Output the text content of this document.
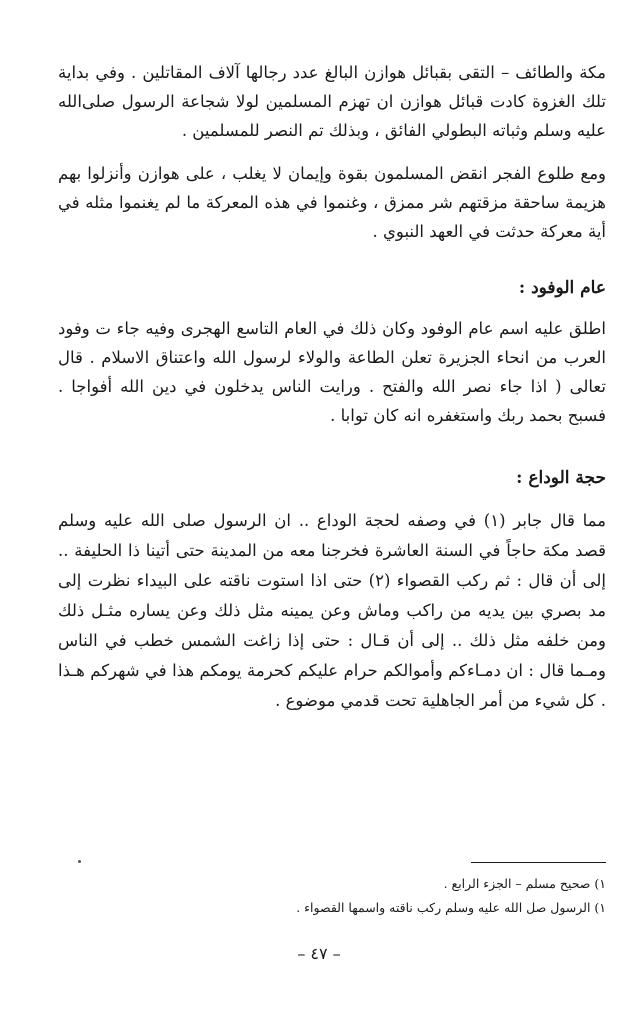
مكة والطائف – التقى بقبائل هوازن البالغ عدد رجالها آلاف المقاتلين . وفي بداية تلك الغزوة كادت قبائل هوازن ان تهزم المسلمين لولا شجاعة الرسول صلى‌الله عليه وسلم وثباته البطولي الفائق ، وبذلك تم النصر للمسلمين .

ومع طلوع الفجر انقض المسلمون بقوة وإيمان لا يغلب ، على هوازن وأنزلوا بهم هزيمة ساحقة مزقتهم شر ممزق ، وغنموا في هذه المعركة ما لم يغنموا مثله في أية معركة حدثت في العهد النبوي .

عام الوفود :

اطلق عليه اسم عام الوفود وكان ذلك في العام التاسع الهجرى وفيه جاء ت وفود العرب من انحاء الجزيرة تعلن الطاعة والولاء لرسول الله واعتناق الاسلام . قال تعالى ( اذا جاء نصر الله والفتح . ورايت الناس يدخلون في دين الله أفواجا . فسبح بحمد ربك واستغفره انه كان توابا .

حجة الوداع :

مما قال جابر (١) في وصفه لحجة الوداع .. ان الرسول صلى الله عليه وسلم قصد مكة حاجاً في السنة العاشرة فخرجنا معه من المدينة حتى أتينا ذا الحليفة .. إلى أن قال : ثم ركب القصواء (٢) حتى اذا استوت ناقته على البيداء نظرت إلى مد بصري بين يديه من راكب وماش وعن يمينه مثل ذلك وعن يساره مثـل ذلك ومن خلفه مثل ذلك .. إلى أن قـال : حتى إذا زاغت الشمس خطب في الناس ومـما قال : ان دمـاءكم وأموالكم حرام عليكم كحرمة يومكم هذا في شهركم هـذا . كل شيء من أمر الجاهلية تحت قدمي موضوع .

١) صحيح مسلم – الجزء الرابع .

١) الرسول صل الله عليه وسلم ركب ناقته واسمها القصواء .

– ٤٧ –
